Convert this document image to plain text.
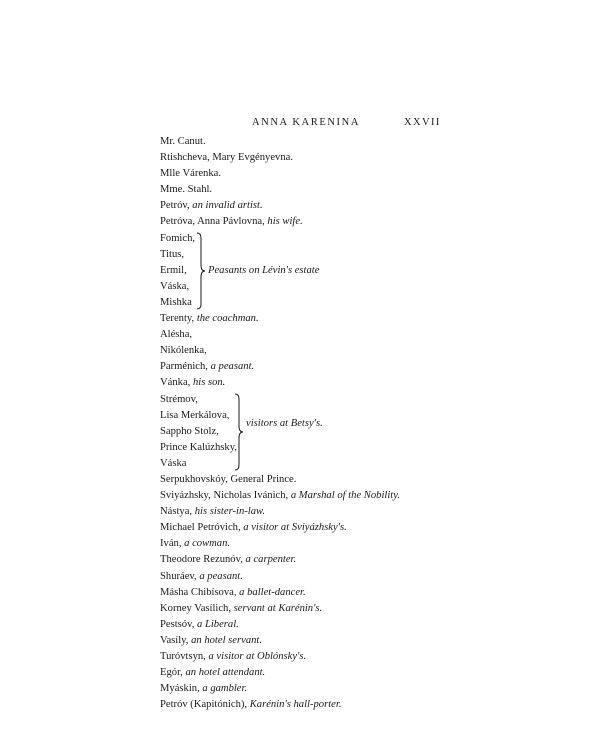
ANNA KARENINA	XXVII
Mr. Canut.
Rtishcheva, Mary Evgényevna.
Mlle Várenka.
Mme. Stahl.
Petróv, an invalid artist.
Petróva, Anna Pávlovna, his wife.
Fomich,
Titus,
Ermil,
Váska,
Mishka
Peasants on Lévin's estate
Terenty, the coachman.
Alésha,
Nikólenka,
Parménich, a peasant.
Vánka, his son.
Strémov,
Lisa Merkálova,
Sappho Stolz,
Prince Kalúzhsky,
Váska
visitors at Betsy's.
Serpukhovskóy, General Prince.
Sviyázhsky, Nicholas Ivánich, a Marshal of the Nobility.
Nástya, his sister-in-law.
Michael Petróvich, a visitor at Sviyázhsky's.
Iván, a cowman.
Theodore Rezunóv, a carpenter.
Shuráev, a peasant.
Másha Chibísova, a ballet-dancer.
Korney Vasílich, servant at Karénin's.
Pestsóv, a Liberal.
Vasíly, an hotel servant.
Turóvtsyn, a visitor at Oblónsky's.
Egór, an hotel attendant.
Myáskin, a gambler.
Petróv (Kapitónich), Karénin's hall-porter.
